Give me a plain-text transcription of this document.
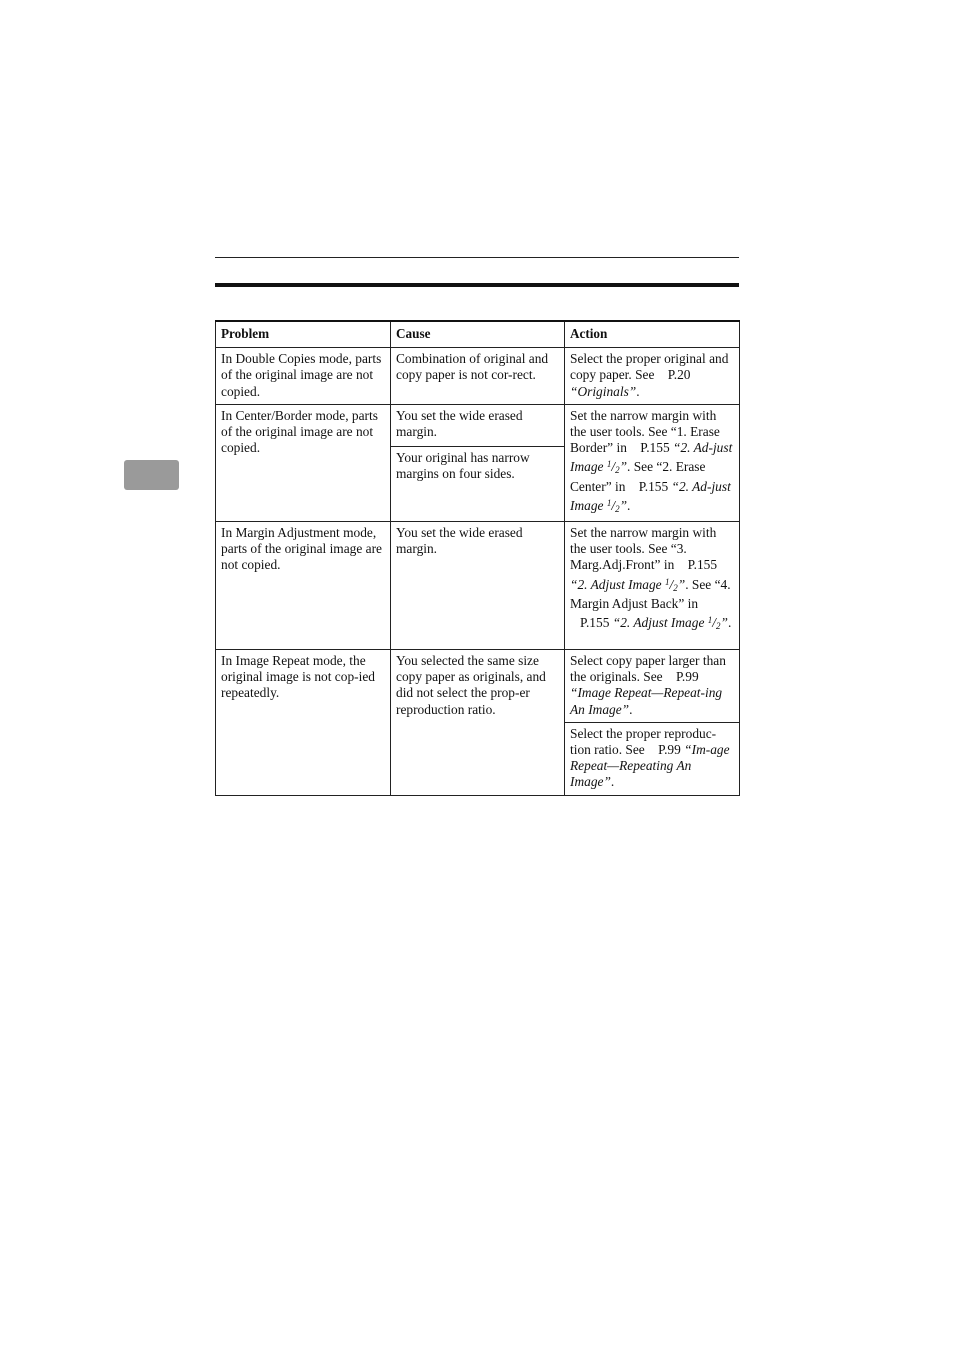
Problem	Cause	Action
In Double Copies mode, parts of the original image are not copied.	Combination of original and copy paper is not cor-rect.	Select the proper original and copy paper. See P.20 “Originals”.
In Center/Border mode, parts of the original image are not copied.	You set the wide erased margin.	Set the narrow margin with the user tools. See “1. Erase Border” in P.155 “2. Ad-just Image $^1$/2”. See “2. Erase Center” in P.155 “2. Ad-just Image $^1$/2”.
	Your original has narrow margins on four sides.	
In Margin Adjustment mode, parts of the original image are not copied.	You set the wide erased margin.	Set the narrow margin with the user tools. See “3. Marg.Adj.Front” in P.155 “2. Adjust Image $^1$/2”. See “4. Margin Adjust Back” in P.155 “2. Adjust Image $^1$/2”.
In Image Repeat mode, the original image is not cop-ied repeatedly.	You selected the same size copy paper as originals, and did not select the prop-er reproduction ratio.	Select copy paper larger than the originals. See P.99 “Image Repeat—Repeat-ing An Image”.
		Select the proper reproduc-tion ratio. See P.99 “Im-age Repeat—Repeating An Image”.
